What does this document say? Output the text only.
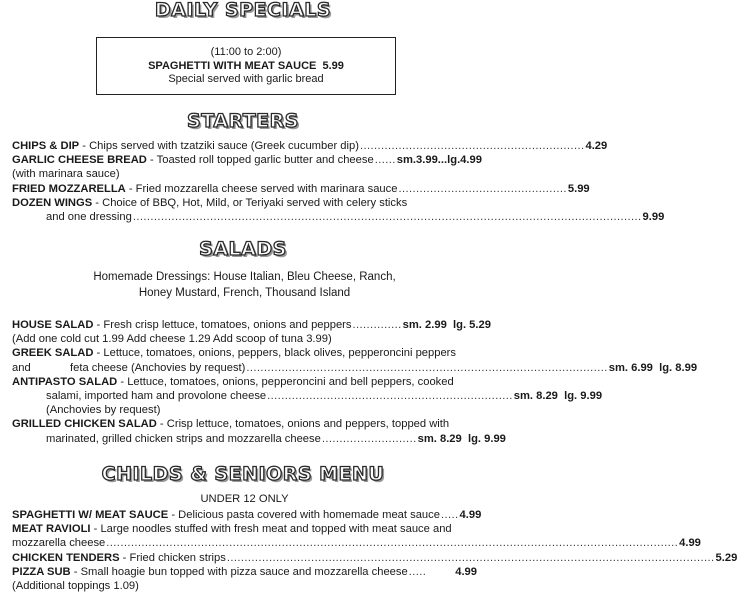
DAILY SPECIALS
(11:00 to 2:00)
SPAGHETTI WITH MEAT SAUCE 5.99
Special served with garlic bread
STARTERS
CHIPS & DIP - Chips served with tzatziki sauce (Greek cucumber dip) ................................................................ 4.29
GARLIC CHEESE BREAD - Toasted roll topped garlic butter and cheese ...... sm.3.99...lg.4.99
(with marinara sauce)
FRIED MOZZARELLA - Fried mozzarella cheese served with marinara sauce ................................................ 5.99
DOZEN WINGS - Choice of BBQ, Hot, Mild, or Teriyaki served with celery sticks
and one dressing ................................................................................................................................................. 9.99
SALADS
Homemade Dressings: House Italian, Bleu Cheese, Ranch,
Honey Mustard, French, Thousand Island
HOUSE SALAD - Fresh crisp lettuce, tomatoes, onions and peppers .............. sm. 2.99  lg. 5.29
(Add one cold cut 1.99 Add cheese 1.29 Add scoop of tuna 3.99)
GREEK SALAD - Lettuce, tomatoes, onions, peppers, black olives, pepperoncini peppers
and	feta cheese (Anchovies by request) ....................................................................................................... sm. 6.99  lg. 8.99
ANTIPASTO SALAD - Lettuce, tomatoes, onions, pepperoncini and bell peppers, cooked
salami, imported ham and provolone cheese ...................................................................... sm. 8.29  lg. 9.99
(Anchovies by request)
GRILLED CHICKEN SALAD - Crisp lettuce, tomatoes, onions and peppers, topped with
marinated, grilled chicken strips and mozzarella cheese ........................... sm. 8.29  lg. 9.99
CHILDS & SENIORS MENU
UNDER 12 ONLY
SPAGHETTI W/ MEAT SAUCE - Delicious pasta covered with homemade meat sauce ..... 4.99
MEAT RAVIOLI - Large noodles stuffed with fresh meat and topped with meat sauce and
mozzarella cheese ................................................................................................................................................................... 4.99
CHICKEN TENDERS - Fried chicken strips ........................................................................................................................................... 5.29
PIZZA SUB - Small hoagie bun topped with pizza sauce and mozzarella cheese .....	4.99
(Additional toppings 1.09)
